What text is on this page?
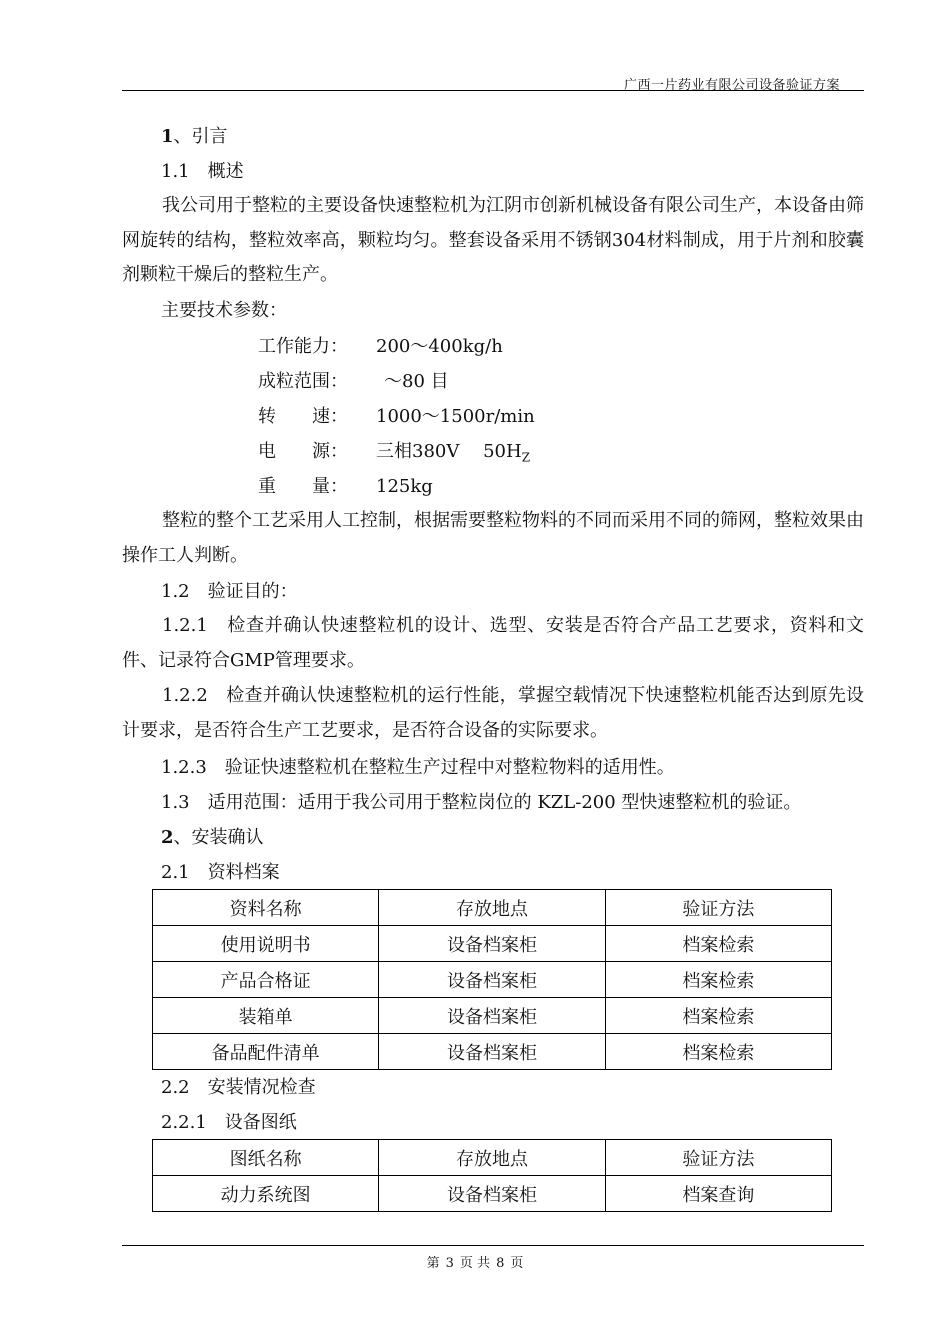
广西一片药业有限公司设备验证方案
1、引言
1.1　概述
我公司用于整粒的主要设备快速整粒机为江阴市创新机械设备有限公司生产，本设备由筛网旋转的结构，整粒效率高，颗粒均匀。整套设备采用不锈钢304材料制成，用于片剂和胶囊剂颗粒干燥后的整粒生产。
主要技术参数：
工作能力： 200～400kg/h
成粒范围： ～80 目
转　　速： 1000～1500r/min
电　　源： 三相380V　 $50H_Z$
重　　量： 125kg
整粒的整个工艺采用人工控制，根据需要整粒物料的不同而采用不同的筛网，整粒效果由操作工人判断。
1.2　验证目的：
1.2.1　检查并确认快速整粒机的设计、选型、安装是否符合产品工艺要求，资料和文件、记录符合GMP管理要求。
1.2.2　检查并确认快速整粒机的运行性能，掌握空载情况下快速整粒机能否达到原先设计要求，是否符合生产工艺要求，是否符合设备的实际要求。
1.2.3　验证快速整粒机在整粒生产过程中对整粒物料的适用性。
1.3　适用范围：适用于我公司用于整粒岗位的 KZL-200 型快速整粒机的验证。
2、安装确认
2.1　资料档案
资料名称	存放地点	验证方法
使用说明书	设备档案柜	档案检索
产品合格证	设备档案柜	档案检索
装箱单	设备档案柜	档案检索
备品配件清单	设备档案柜	档案检索
2.2　安装情况检查
2.2.1　设备图纸
图纸名称	存放地点	验证方法
动力系统图	设备档案柜	档案查询
第 3 页 共 8 页
